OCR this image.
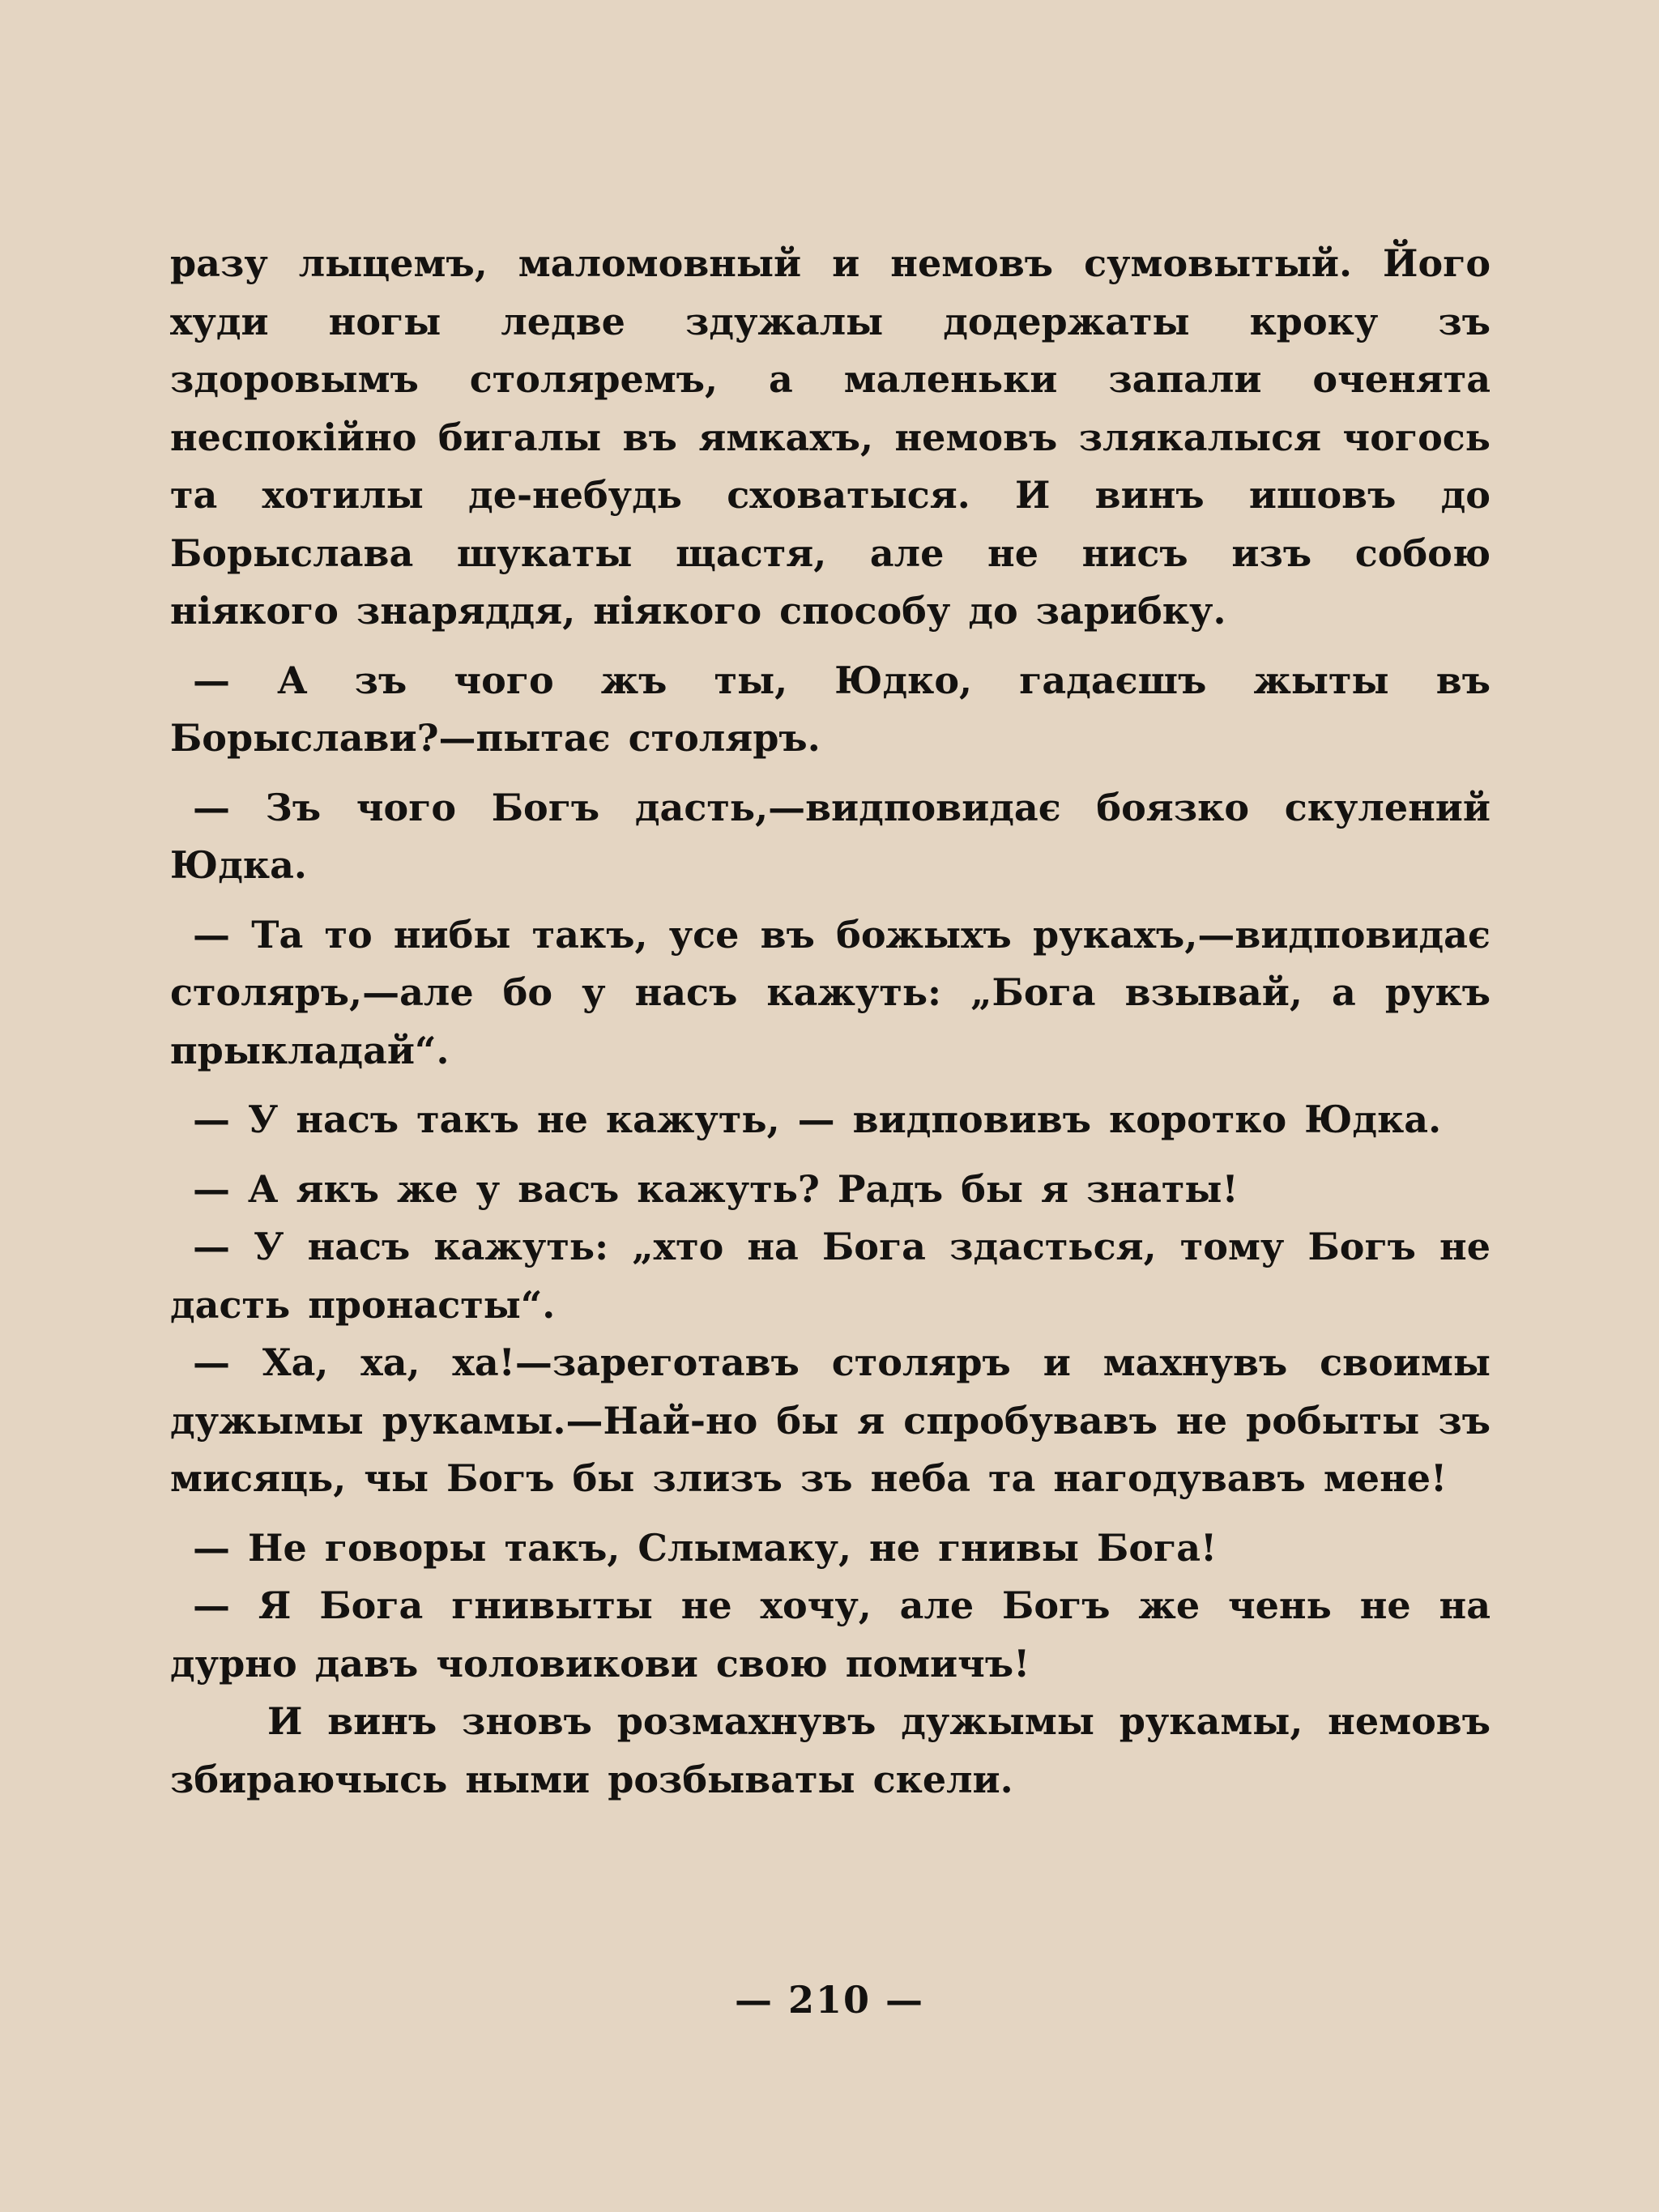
разу лыцемъ, маломовный и немовъ сумовытый. Його худи ногы ледве здужалы додержаты кроку зъ здоровымъ столяремъ, а маленьки запали оченята неспокійно бигалы въ ямкахъ, немовъ злякалыся чогось та хотилы де-небудь сховатыся. И винъ ишовъ до Борыслава шукаты щастя, але не нисъ изъ собою ніякого знаряддя, ніякого способу до зарибку.

— А зъ чого жъ ты, Юдко, гадаєшъ жыты въ Борыслави?—пытає столяръ.

— Зъ чого Богъ дасть,—видповидає боязко скулений Юдка.

— Та то нибы такъ, усе въ божыхъ рукахъ,—видповидає столяръ,—але бо у насъ кажуть: „Бога взывай, а рукъ прыкладай“.

— У насъ такъ не кажуть, — видповивъ коротко Юдка.

— А якъ же у васъ кажуть? Радъ бы я знаты!

— У насъ кажуть: „хто на Бога здасться, тому Богъ не дасть пронасты“.

— Ха, ха, ха!—зареготавъ столяръ и махнувъ своимы дужымы рукамы.—Най-но бы я спробувавъ не робыты зъ мисяць, чы Богъ бы злизъ зъ неба та нагодувавъ мене!

— Не говоры такъ, Слымаку, не гнивы Бога!

— Я Бога гнивыты не хочу, але Богъ же чень не на дурно давъ чоловикови свою помичъ!

И винъ зновъ розмахнувъ дужымы рукамы, немовъ збираючысь ными розбываты скели.

— 210 —
